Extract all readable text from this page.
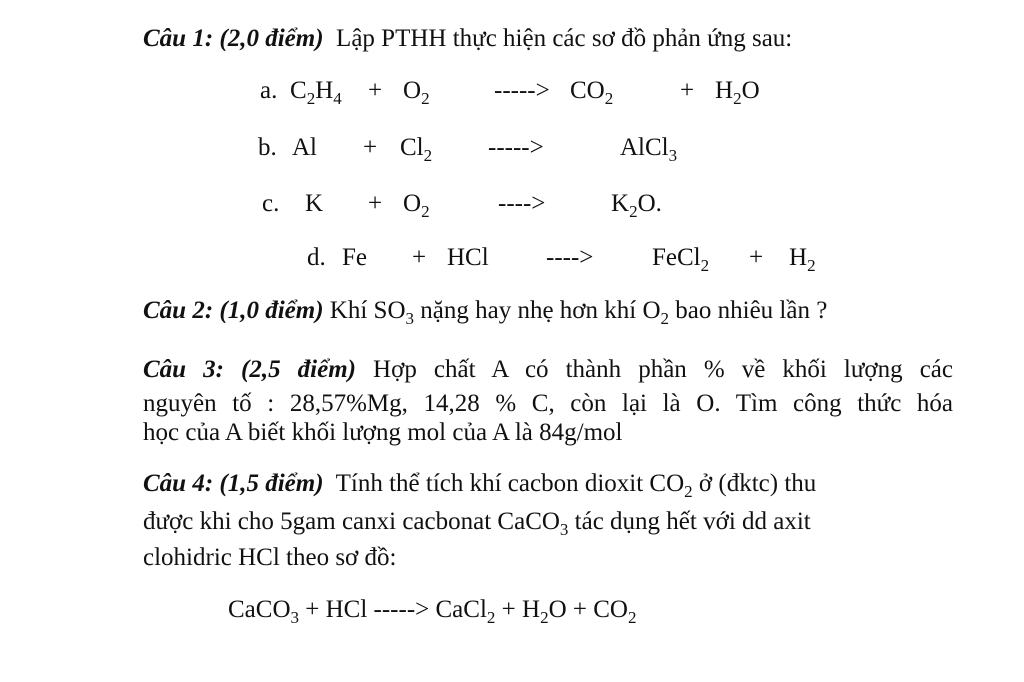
Câu 1: (2,0 điểm) Lập PTHH thực hiện các sơ đồ phản ứng sau:
a. $C_2H_4 + O_2$	-----> $CO_2$	+ $H_2O$
b. $Al + Cl_2$ ----->	AlCl$_3$
c. $K + O_2$	---->	$K_2O$.
d. Fe + HCl ----> FeCl$_2$ + $H_2$
Câu 2: (1,0 điểm) Khí $SO_3$ nặng hay nhẹ hơn khí $O_2$ bao nhiêu lần ?
Câu 3: (2,5 điểm) Hợp chất A có thành phần % về khối lượng các
nguyên tố : 28,57%Mg, 14,28 % C, còn lại là O. Tìm công thức hóa
học của A biết khối lượng mol của A là 84g/mol
Câu 4: (1,5 điểm) Tính thể tích khí cacbon dioxit $CO_2$ ở (đktc) thu
được khi cho 5gam canxi cacbonat CaCO$_3$ tác dụng hết với dd axit
clohidric HCl theo sơ đồ:
CaCO$_3$ + HCl -----> CaCl$_2$ + $H_2O + CO_2$
